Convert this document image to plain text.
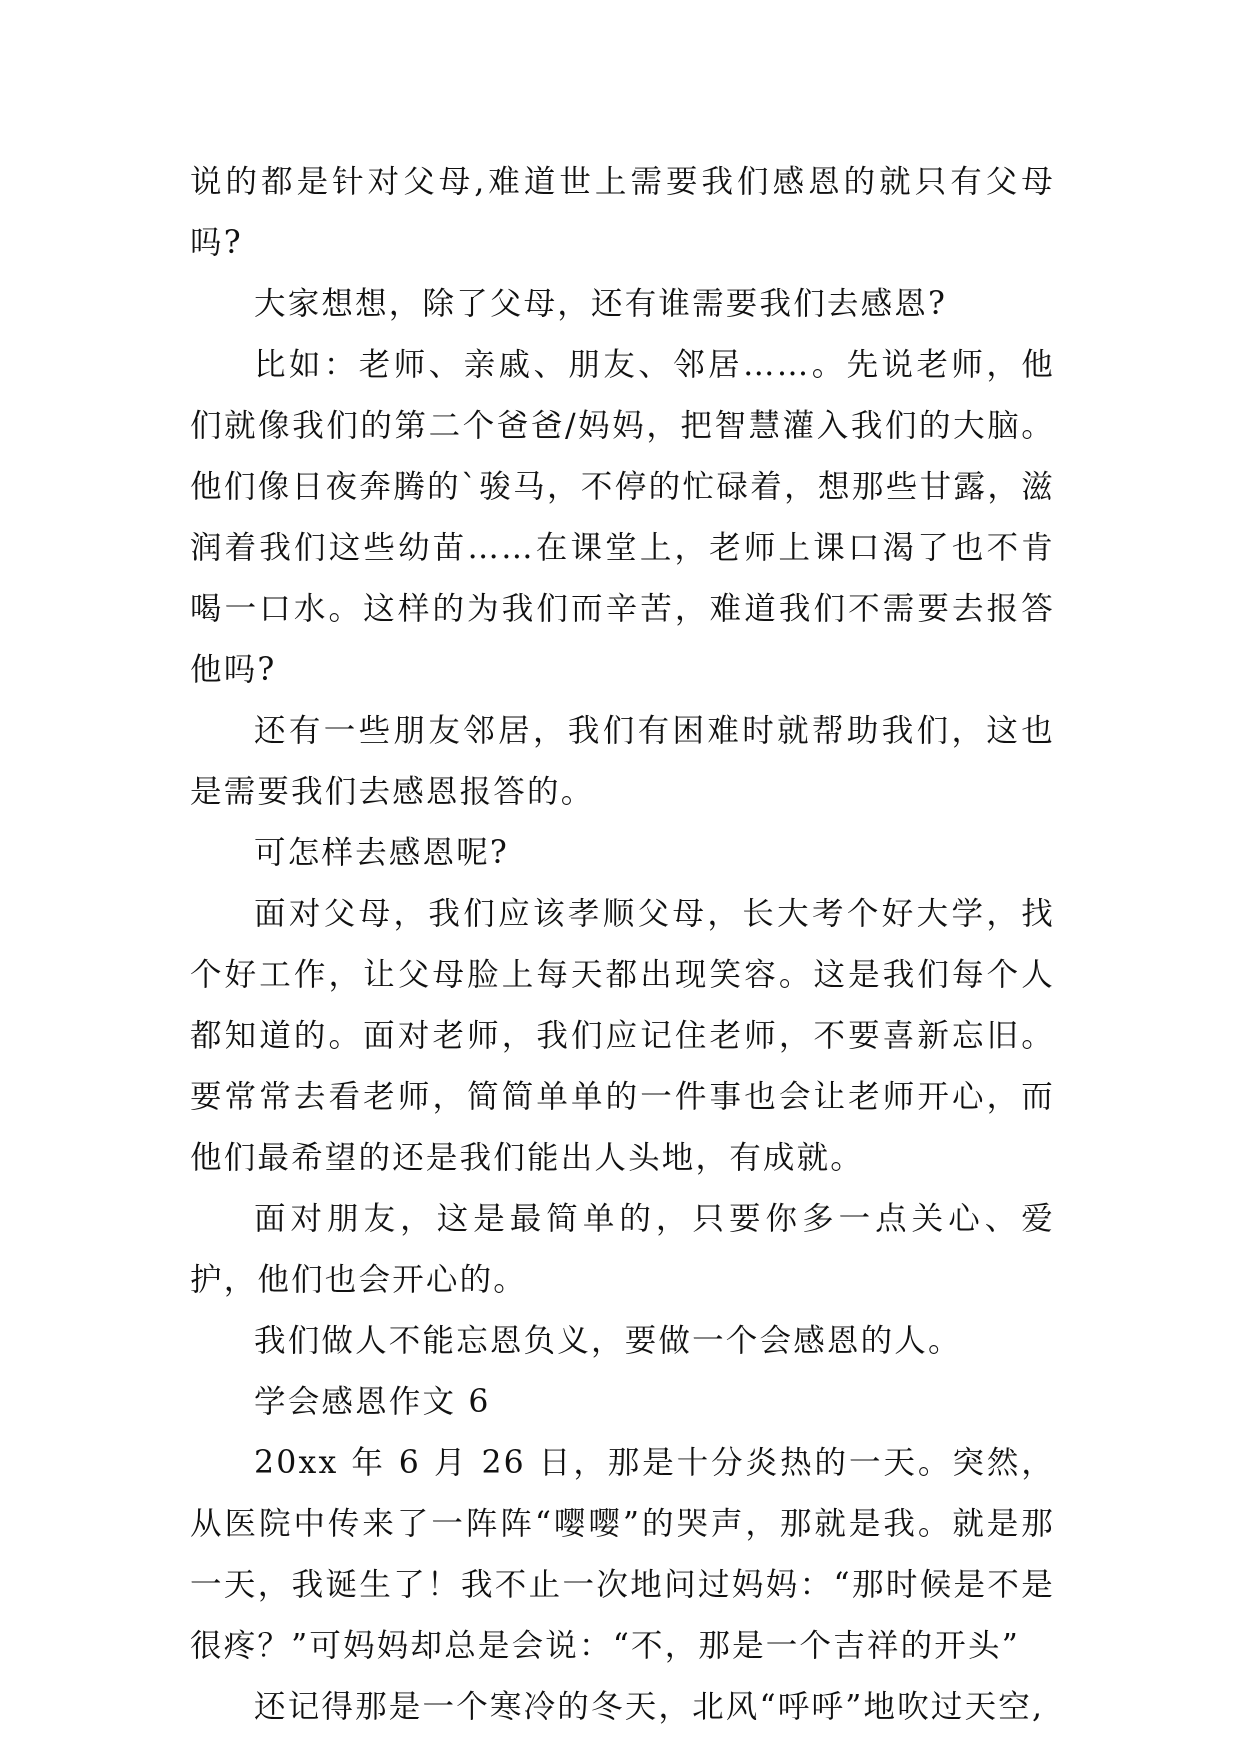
说的都是针对父母,难道世上需要我们感恩的就只有父母吗?

大家想想，除了父母，还有谁需要我们去感恩?

比如：老师、亲戚、朋友、邻居……。先说老师，他们就像我们的第二个爸爸/妈妈，把智慧灌入我们的大脑。他们像日夜奔腾的`骏马，不停的忙碌着，想那些甘露，滋润着我们这些幼苗……在课堂上，老师上课口渴了也不肯喝一口水。这样的为我们而辛苦，难道我们不需要去报答他吗?

还有一些朋友邻居，我们有困难时就帮助我们，这也是需要我们去感恩报答的。

可怎样去感恩呢?

面对父母，我们应该孝顺父母，长大考个好大学，找个好工作，让父母脸上每天都出现笑容。这是我们每个人都知道的。面对老师，我们应记住老师，不要喜新忘旧。要常常去看老师，简简单单的一件事也会让老师开心，而他们最希望的还是我们能出人头地，有成就。

面对朋友，这是最简单的，只要你多一点关心、爱护，他们也会开心的。

我们做人不能忘恩负义，要做一个会感恩的人。

学会感恩作文 6

20xx 年 6 月 26 日，那是十分炎热的一天。突然，从医院中传来了一阵阵“嘤嘤”的哭声，那就是我。就是那一天，我诞生了！我不止一次地问过妈妈：“那时候是不是很疼？”可妈妈却总是会说：“不，那是一个吉祥的开头”

还记得那是一个寒冷的冬天，北风“呼呼”地吹过天空,
